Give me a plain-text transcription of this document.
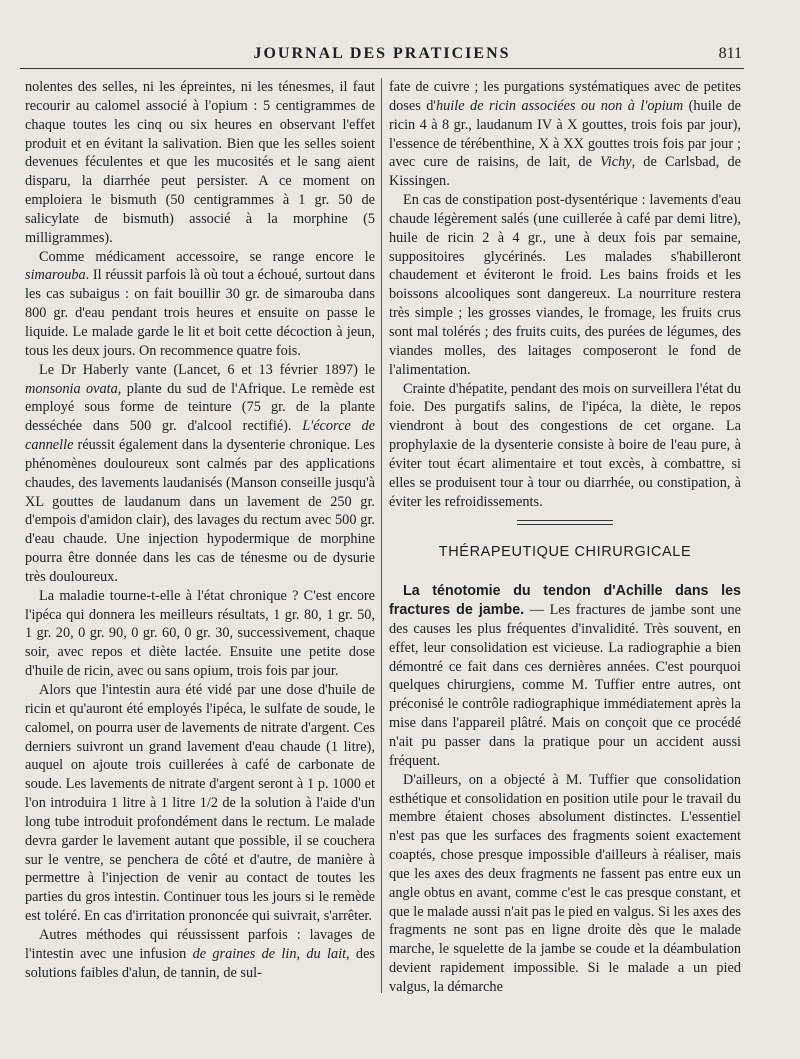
JOURNAL DES PRATICIENS	811

nolentes des selles, ni les épreintes, ni les ténesmes, il faut recourir au calomel associé à l'opium : 5 centigrammes de chaque toutes les cinq ou six heures en observant l'effet produit et en évitant la salivation. Bien que les selles soient devenues féculentes et que les mucosités et le sang aient disparu, la diarrhée peut persister. A ce moment on emploiera le bismuth (50 centigrammes à 1 gr. 50 de salicylate de bismuth) associé à la morphine (5 milligrammes).

Comme médicament accessoire, se range encore le simarouba. Il réussit parfois là où tout a échoué, surtout dans les cas subaigus : on fait bouillir 30 gr. de simarouba dans 800 gr. d'eau pendant trois heures et ensuite on passe le liquide. Le malade garde le lit et boit cette décoction à jeun, tous les deux jours. On recommence quatre fois.

Le Dr Haberly vante (Lancet, 6 et 13 février 1897) le monsonia ovata, plante du sud de l'Afrique. Le remède est employé sous forme de teinture (75 gr. de la plante desséchée dans 500 gr. d'alcool rectifié). L'écorce de cannelle réussit également dans la dysenterie chronique. Les phénomènes douloureux sont calmés par des applications chaudes, des lavements laudanisés (Manson conseille jusqu'à XL gouttes de laudanum dans un lavement de 250 gr. d'empois d'amidon clair), des lavages du rectum avec 500 gr. d'eau chaude. Une injection hypodermique de morphine pourra être donnée dans les cas de ténesme ou de dysurie très douloureux.

La maladie tourne-t-elle à l'état chronique ? C'est encore l'ipéca qui donnera les meilleurs résultats, 1 gr. 80, 1 gr. 50, 1 gr. 20, 0 gr. 90, 0 gr. 60, 0 gr. 30, successivement, chaque soir, avec repos et diète lactée. Ensuite une petite dose d'huile de ricin, avec ou sans opium, trois fois par jour.

Alors que l'intestin aura été vidé par une dose d'huile de ricin et qu'auront été employés l'ipéca, le sulfate de soude, le calomel, on pourra user de lavements de nitrate d'argent. Ces derniers suivront un grand lavement d'eau chaude (1 litre), auquel on ajoute trois cuillerées à café de carbonate de soude. Les lavements de nitrate d'argent seront à 1 p. 1000 et l'on introduira 1 litre à 1 litre 1/2 de la solution à l'aide d'un long tube introduit profondément dans le rectum. Le malade devra garder le lavement autant que possible, il se couchera sur le ventre, se penchera de côté et d'autre, de manière à permettre à l'injection de venir au contact de toutes les parties du gros intestin. Continuer tous les jours si le remède est toléré. En cas d'irritation prononcée qui suivrait, s'arrêter.

Autres méthodes qui réussissent parfois : lavages de l'intestin avec une infusion de graines de lin, du lait, des solutions faibles d'alun, de tannin, de sul-

fate de cuivre ; les purgations systématiques avec de petites doses d'huile de ricin associées ou non à l'opium (huile de ricin 4 à 8 gr., laudanum IV à X gouttes, trois fois par jour), l'essence de térébenthine, X à XX gouttes trois fois par jour ; avec cure de raisins, de lait, de Vichy, de Carlsbad, de Kissingen.

En cas de constipation post-dysentérique : lavements d'eau chaude légèrement salés (une cuillerée à café par demi litre), huile de ricin 2 à 4 gr., une à deux fois par semaine, suppositoires glycérinés. Les malades s'habilleront chaudement et éviteront le froid. Les bains froids et les boissons alcooliques sont dangereux. La nourriture restera très simple ; les grosses viandes, le fromage, les fruits crus sont mal tolérés ; des fruits cuits, des purées de légumes, des viandes molles, des laitages composeront le fond de l'alimentation.

Crainte d'hépatite, pendant des mois on surveillera l'état du foie. Des purgatifs salins, de l'ipéca, la diète, le repos viendront à bout des congestions de cet organe. La prophylaxie de la dysenterie consiste à boire de l'eau pure, à éviter tout écart alimentaire et tout excès, à combattre, si elles se produisent tour à tour ou diarrhée, ou constipation, à éviter les refroidissements.

THÉRAPEUTIQUE CHIRURGICALE

La ténotomie du tendon d'Achille dans les fractures de jambe. — Les fractures de jambe sont une des causes les plus fréquentes d'invalidité. Très souvent, en effet, leur consolidation est vicieuse. La radiographie a bien démontré ce fait dans ces dernières années. C'est pourquoi quelques chirurgiens, comme M. Tuffier entre autres, ont préconisé le contrôle radiographique immédiatement après la mise dans l'appareil plâtré. Mais on conçoit que ce procédé n'ait pu passer dans la pratique pour un accident aussi fréquent.

D'ailleurs, on a objecté à M. Tuffier que consolidation esthétique et consolidation en position utile pour le travail du membre étaient choses absolument distinctes. L'essentiel n'est pas que les surfaces des fragments soient exactement coaptés, chose presque impossible d'ailleurs à réaliser, mais que les axes des deux fragments ne fassent pas entre eux un angle obtus en avant, comme c'est le cas presque constant, et que le malade aussi n'ait pas le pied en valgus. Si les axes des fragments ne sont pas en ligne droite dès que le malade marche, le squelette de la jambe se coude et la déambulation devient rapidement impossible. Si le malade a un pied valgus, la démarche
